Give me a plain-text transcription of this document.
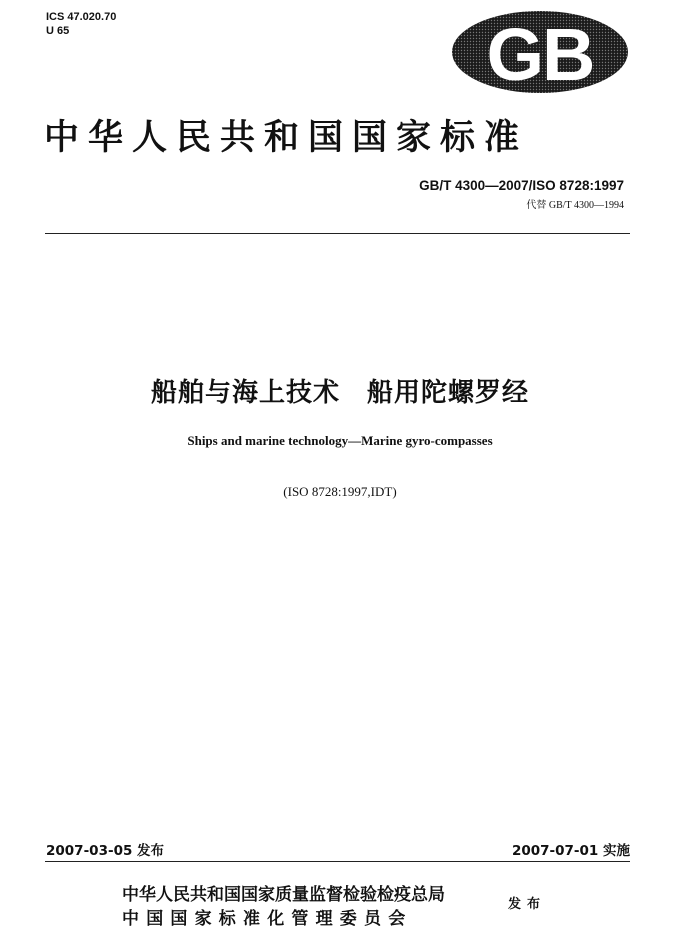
ICS 47.020.70
U 65	GB
中华人民共和国国家标准
GB/T 4300—2007/ISO 8728:1997
代替 GB/T 4300—1994
船舶与海上技术　船用陀螺罗经
Ships and marine technology—Marine gyro-compasses
(ISO 8728:1997,IDT)
2007-03-05 发布	2007-07-01 实施
中华人民共和国国家质量监督检验检疫总局
中国国家标准化管理委员会
发布
